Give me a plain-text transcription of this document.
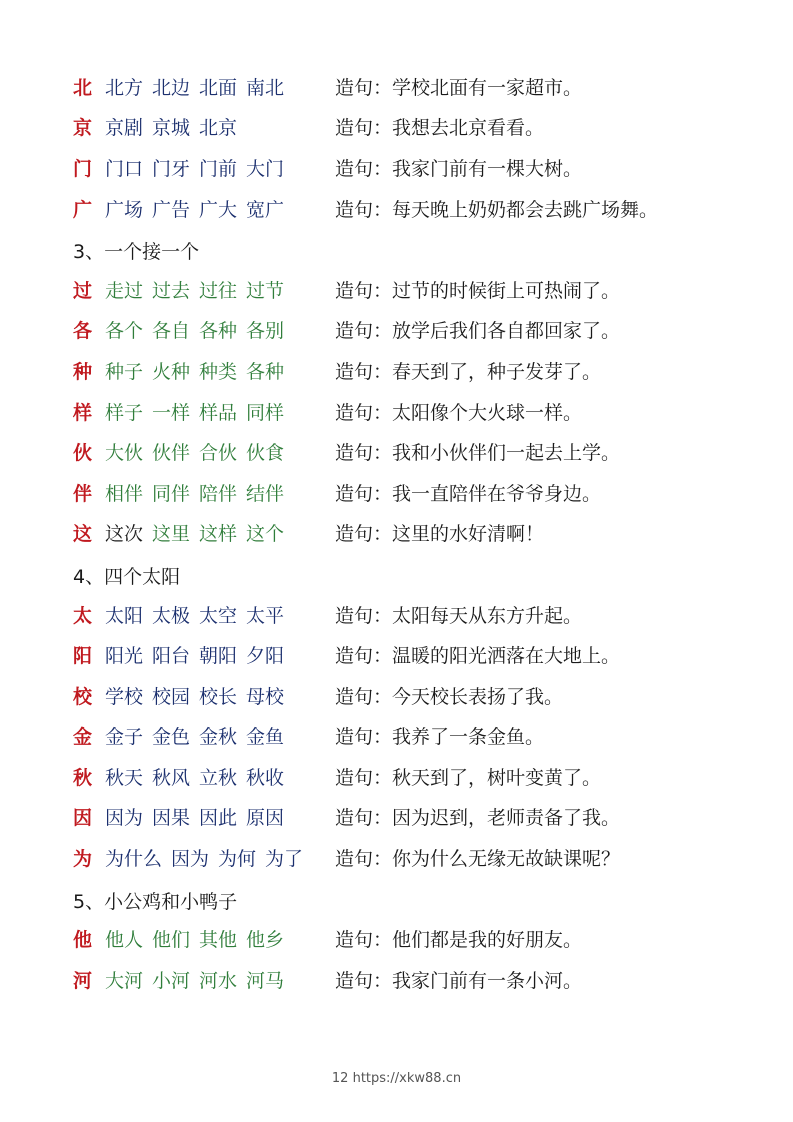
北 北方 北边 北面 南北	造句：学校北面有一家超市。
京 京剧 京城 北京	造句：我想去北京看看。
门 门口 门牙 门前 大门	造句：我家门前有一棵大树。
广 广场 广告 广大 宽广	造句：每天晚上奶奶都会去跳广场舞。
3、一个接一个
过 走过 过去 过往 过节	造句：过节的时候街上可热闹了。
各 各个 各自 各种 各别	造句：放学后我们各自都回家了。
种 种子 火种 种类 各种	造句：春天到了，种子发芽了。
样 样子 一样 样品 同样	造句：太阳像个大火球一样。
伙 大伙 伙伴 合伙 伙食	造句：我和小伙伴们一起去上学。
伴 相伴 同伴 陪伴 结伴	造句：我一直陪伴在爷爷身边。
这 这次 这里 这样 这个	造句：这里的水好清啊！
4、四个太阳
太 太阳 太极 太空 太平	造句：太阳每天从东方升起。
阳 阳光 阳台 朝阳 夕阳	造句：温暖的阳光洒落在大地上。
校 学校 校园 校长 母校	造句：今天校长表扬了我。
金 金子 金色 金秋 金鱼	造句：我养了一条金鱼。
秋 秋天 秋风 立秋 秋收	造句：秋天到了，树叶变黄了。
因 因为 因果 因此 原因	造句：因为迟到，老师责备了我。
为 为什么 因为 为何 为了 造句：你为什么无缘无故缺课呢？
5、小公鸡和小鸭子
他 他人 他们 其他 他乡	造句：他们都是我的好朋友。
河 大河 小河 河水 河马	造句：我家门前有一条小河。
12 https://xkw88.cn
